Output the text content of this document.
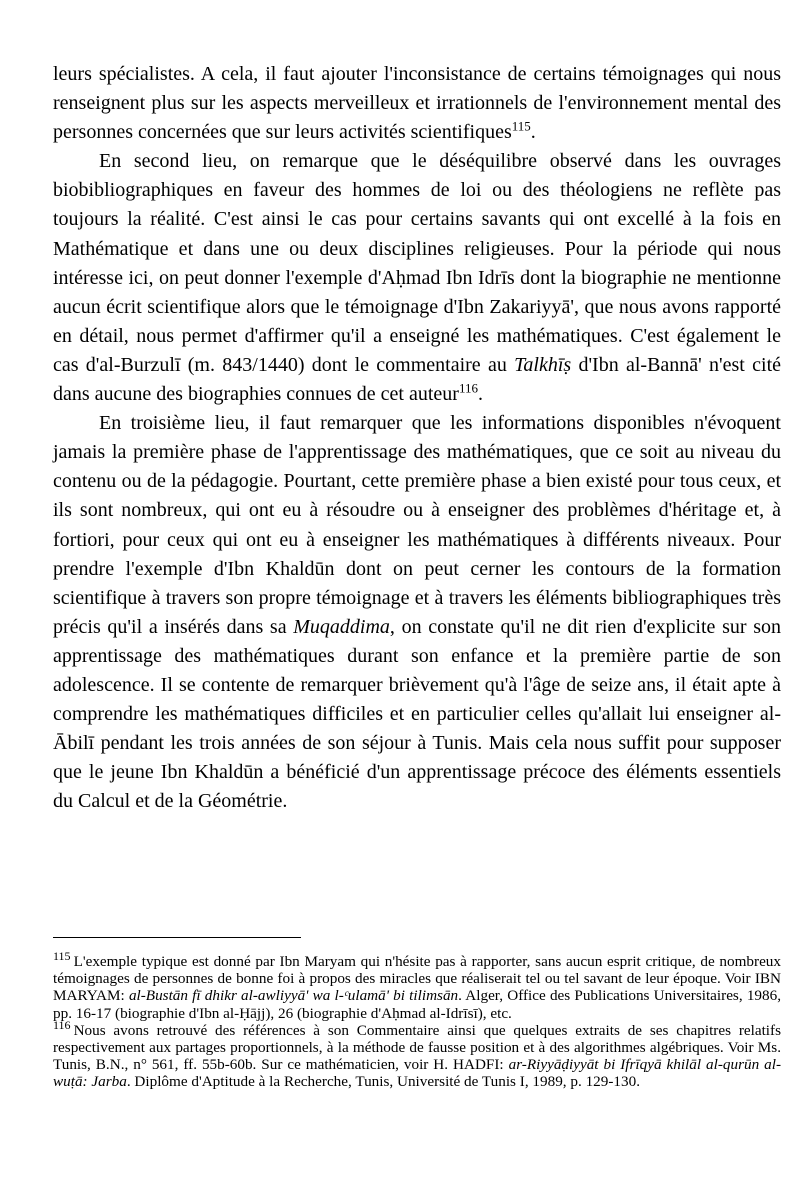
leurs spécialistes. A cela, il faut ajouter l'inconsistance de certains témoignages qui nous renseignent plus sur les aspects merveilleux et irrationnels de l'environnement mental des personnes concernées que sur leurs activités scientifiques$^{115}$.

En second lieu, on remarque que le déséquilibre observé dans les ouvrages biobibliographiques en faveur des hommes de loi ou des théologiens ne reflète pas toujours la réalité. C'est ainsi le cas pour certains savants qui ont excellé à la fois en Mathématique et dans une ou deux disciplines religieuses. Pour la période qui nous intéresse ici, on peut donner l'exemple d'Aḥmad Ibn Idrīs dont la biographie ne mentionne aucun écrit scientifique alors que le témoignage d'Ibn Zakariyyā', que nous avons rapporté en détail, nous permet d'affirmer qu'il a enseigné les mathématiques. C'est également le cas d'al-Burzulī (m. 843/1440) dont le commentaire au Talkhīṣ d'Ibn al-Bannā' n'est cité dans aucune des biographies connues de cet auteur$^{116}$.

En troisième lieu, il faut remarquer que les informations disponibles n'évoquent jamais la première phase de l'apprentissage des mathématiques, que ce soit au niveau du contenu ou de la pédagogie. Pourtant, cette première phase a bien existé pour tous ceux, et ils sont nombreux, qui ont eu à résoudre ou à enseigner des problèmes d'héritage et, à fortiori, pour ceux qui ont eu à enseigner les mathématiques à différents niveaux. Pour prendre l'exemple d'Ibn Khaldūn dont on peut cerner les contours de la formation scientifique à travers son propre témoignage et à travers les éléments bibliographiques très précis qu'il a insérés dans sa Muqaddima, on constate qu'il ne dit rien d'explicite sur son apprentissage des mathématiques durant son enfance et la première partie de son adolescence. Il se contente de remarquer brièvement qu'à l'âge de seize ans, il était apte à comprendre les mathématiques difficiles et en particulier celles qu'allait lui enseigner al-Ābilī pendant les trois années de son séjour à Tunis. Mais cela nous suffit pour supposer que le jeune Ibn Khaldūn a bénéficié d'un apprentissage précoce des éléments essentiels du Calcul et de la Géométrie.

$^{115}$ L'exemple typique est donné par Ibn Maryam qui n'hésite pas à rapporter, sans aucun esprit critique, de nombreux témoignages de personnes de bonne foi à propos des miracles que réaliserait tel ou tel savant de leur époque. Voir IBN MARYAM: al-Bustān fī dhikr al-awliyyā' wa l-ᶜulamā' bi tilimsān. Alger, Office des Publications Universitaires, 1986, pp. 16-17 (biographie d'Ibn al-Ḥājj), 26 (biographie d'Aḥmad al-Idrīsī), etc.

$^{116}$ Nous avons retrouvé des références à son Commentaire ainsi que quelques extraits de ses chapitres relatifs respectivement aux partages proportionnels, à la méthode de fausse position et à des algorithmes algébriques. Voir Ms. Tunis, B.N., n° 561, ff. 55b-60b. Sur ce mathématicien, voir H. HADFI: ar-Riyyāḍiyyāt bi Ifrīqyā khilāl al-qurūn al-wuṭā: Jarba. Diplôme d'Aptitude à la Recherche, Tunis, Université de Tunis I, 1989, p. 129-130.
